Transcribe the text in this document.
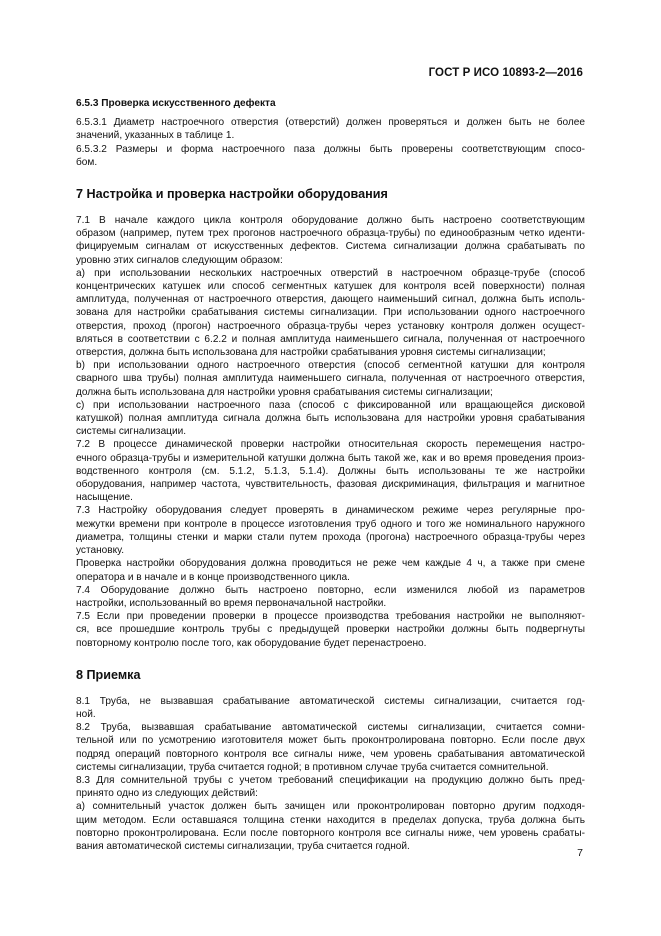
ГОСТ Р ИСО 10893-2—2016
6.5.3 Проверка искусственного дефекта
6.5.3.1 Диаметр настроечного отверстия (отверстий) должен проверяться и должен быть не более
значений, указанных в таблице 1.
6.5.3.2 Размеры и форма настроечного паза должны быть проверены соответствующим спосо-
бом.
7 Настройка и проверка настройки оборудования
7.1 В начале каждого цикла контроля оборудование должно быть настроено соответствующим
образом (например, путем трех прогонов настроечного образца-трубы) по единообразным четко иденти-
фицируемым сигналам от искусственных дефектов. Система сигнализации должна срабатывать по
уровню этих сигналов следующим образом:
а) при использовании нескольких настроечных отверстий в настроечном образце-трубе (способ
концентрических катушек или способ сегментных катушек для контроля всей поверхности) полная
амплитуда, полученная от настроечного отверстия, дающего наименьший сигнал, должна быть исполь-
зована для настройки срабатывания системы сигнализации. При использовании одного настроечного
отверстия, проход (прогон) настроечного образца-трубы через установку контроля должен осущест-
вляться в соответствии с 6.2.2 и полная амплитуда наименьшего сигнала, полученная от настроечного
отверстия, должна быть использована для настройки срабатывания уровня системы сигнализации;
b) при использовании одного настроечного отверстия (способ сегментной катушки для контроля
сварного шва трубы) полная амплитуда наименьшего сигнала, полученная от настроечного отверстия,
должна быть использована для настройки уровня срабатывания системы сигнализации;
с) при использовании настроечного паза (способ с фиксированной или вращающейся дисковой
катушкой) полная амплитуда сигнала должна быть использована для настройки уровня срабатывания
системы сигнализации.
7.2 В процессе динамической проверки настройки относительная скорость перемещения настро-
ечного образца-трубы и измерительной катушки должна быть такой же, как и во время проведения произ-
водственного контроля (см. 5.1.2, 5.1.3, 5.1.4). Должны быть использованы те же настройки
оборудования, например частота, чувствительность, фазовая дискриминация, фильтрация и магнитное
насыщение.
7.3 Настройку оборудования следует проверять в динамическом режиме через регулярные про-
межутки времени при контроле в процессе изготовления труб одного и того же номинального наружного
диаметра, толщины стенки и марки стали путем прохода (прогона) настроечного образца-трубы через
установку.
Проверка настройки оборудования должна проводиться не реже чем каждые 4 ч, а также при смене
оператора и в начале и в конце производственного цикла.
7.4 Оборудование должно быть настроено повторно, если изменился любой из параметров
настройки, использованный во время первоначальной настройки.
7.5 Если при проведении проверки в процессе производства требования настройки не выполняют-
ся, все прошедшие контроль трубы с предыдущей проверки настройки должны быть подвергнуты
повторному контролю после того, как оборудование будет перенастроено.
8 Приемка
8.1 Труба, не вызвавшая срабатывание автоматической системы сигнализации, считается год-
ной.
8.2 Труба, вызвавшая срабатывание автоматической системы сигнализации, считается сомни-
тельной или по усмотрению изготовителя может быть проконтролирована повторно. Если после двух
подряд операций повторного контроля все сигналы ниже, чем уровень срабатывания автоматической
системы сигнализации, труба считается годной; в противном случае труба считается сомнительной.
8.3 Для сомнительной трубы с учетом требований спецификации на продукцию должно быть пред-
принято одно из следующих действий:
а) сомнительный участок должен быть зачищен или проконтролирован повторно другим подходя-
щим методом. Если оставшаяся толщина стенки находится в пределах допуска, труба должна быть
повторно проконтролирована. Если после повторного контроля все сигналы ниже, чем уровень срабаты-
вания автоматической системы сигнализации, труба считается годной.
7
